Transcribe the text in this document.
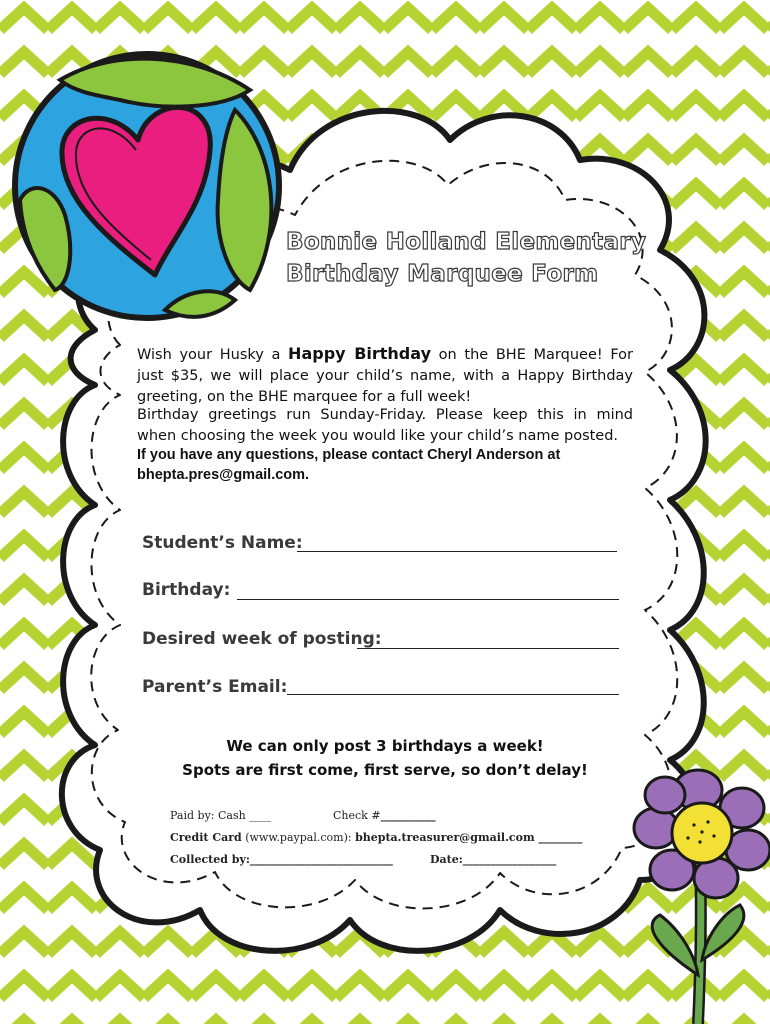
Bonnie Holland Elementary
Birthday Marquee Form
Wish your Husky a Happy Birthday on the BHE Marquee! For just $35, we will place your child’s name, with a Happy Birthday greeting, on the BHE marquee for a full week!
Birthday greetings run Sunday-Friday. Please keep this in mind when choosing the week you would like your child’s name posted.
If you have any questions, please contact Cheryl Anderson at bhepta.pres@gmail.com.
Student’s Name:
Birthday:
Desired week of posting:
Parent’s Email:
We can only post 3 birthdays a week!
Spots are first come, first serve, so don’t delay!
Paid by: Cash ____	Check #__________
Credit Card (www.paypal.com): bhepta.treasurer@gmail.com ________
Collected by:__________________________	Date:_________________
